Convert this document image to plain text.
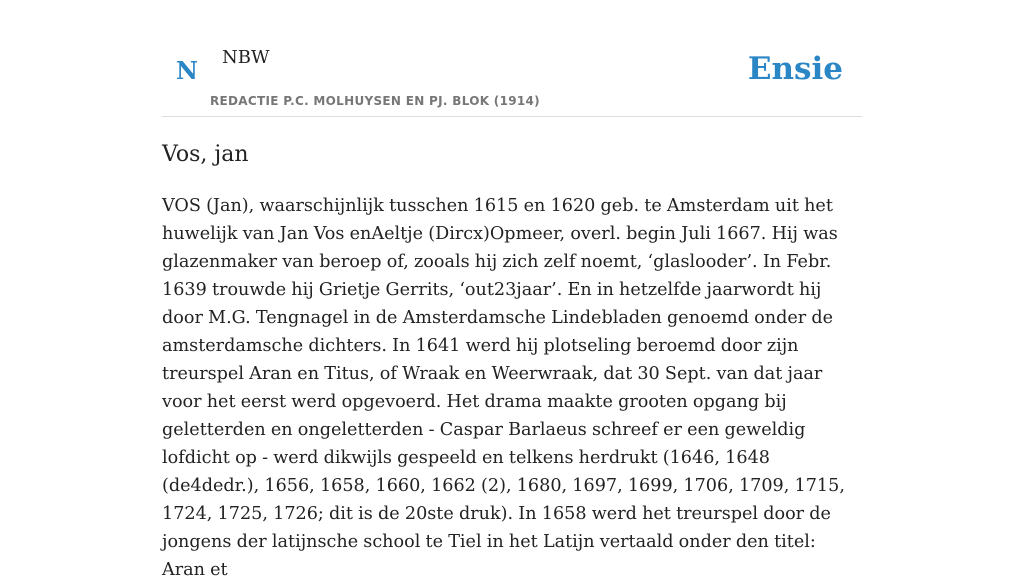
N NBW
REDACTIE P.C. MOLHUYSEN EN PJ. BLOK (1914)
Ensie
Vos, jan

VOS (Jan), waarschijnlijk tusschen 1615 en 1620 geb. te Amsterdam uit het huwelijk van Jan Vos enAeltje (Dircx)Opmeer, overl. begin Juli 1667. Hij was glazenmaker van beroep of, zooals hij zich zelf noemt, ‘glaslooder’. In Febr. 1639 trouwde hij Grietje Gerrits, ‘out23jaar’. En in hetzelfde jaarwordt hij door M.G. Tengnagel in de Amsterdamsche Lindebladen genoemd onder de amsterdamsche dichters. In 1641 werd hij plotseling beroemd door zijn treurspel Aran en Titus, of Wraak en Weerwraak, dat 30 Sept. van dat jaar voor het eerst werd opgevoerd. Het drama maakte grooten opgang bij geletterden en ongeletterden - Caspar Barlaeus schreef er een geweldig lofdicht op - werd dikwijls gespeeld en telkens herdrukt (1646, 1648 (de4dedr.), 1656, 1658, 1660, 1662 (2), 1680, 1697, 1699, 1706, 1709, 1715, 1724, 1725, 1726; dit is de 20ste druk). In 1658 werd het treurspel door de jongens der latijnsche school te Tiel in het Latijn vertaald onder den titel: Aran et
